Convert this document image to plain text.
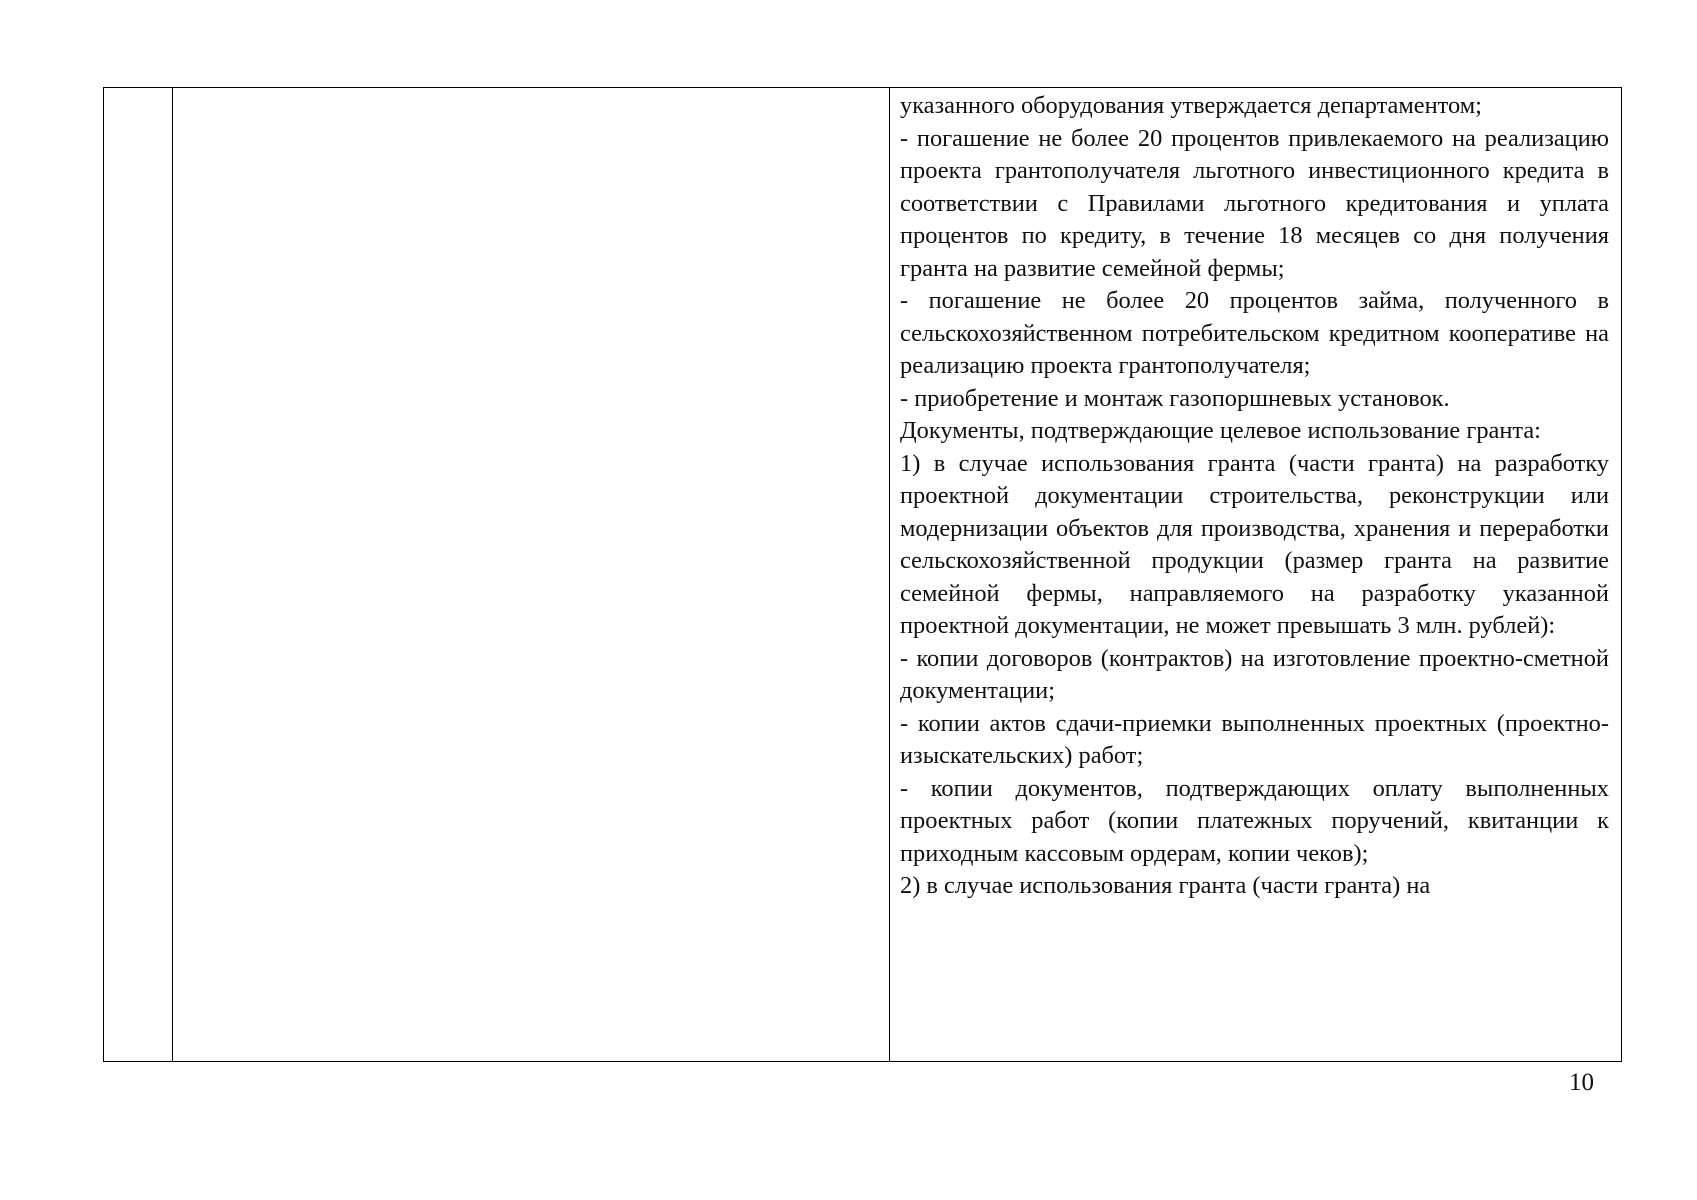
указанного оборудования утверждается департаментом;

- погашение не более 20 процентов привлекаемого на реализацию проекта грантополучателя льготного инвестиционного кредита в соответствии с Правилами льготного кредитования и уплата процентов по кредиту, в течение 18 месяцев со дня получения гранта на развитие семейной фермы;

- погашение не более 20 процентов займа, полученного в сельскохозяйственном потребительском кредитном кооперативе на реализацию проекта грантополучателя;

- приобретение и монтаж газопоршневых установок.

Документы, подтверждающие целевое использование гранта:

1) в случае использования гранта (части гранта) на разработку проектной документации строительства, реконструкции или модернизации объектов для производства, хранения и переработки сельскохозяйственной продукции (размер гранта на развитие семейной фермы, направляемого на разработку указанной проектной документации, не может превышать 3 млн. рублей):

- копии договоров (контрактов) на изготовление проектно-сметной документации;

- копии актов сдачи-приемки выполненных проектных (проектно-изыскательских) работ;

- копии документов, подтверждающих оплату выполненных проектных работ (копии платежных поручений, квитанции к приходным кассовым ордерам, копии чеков);

2) в случае использования гранта (части гранта) на

10
